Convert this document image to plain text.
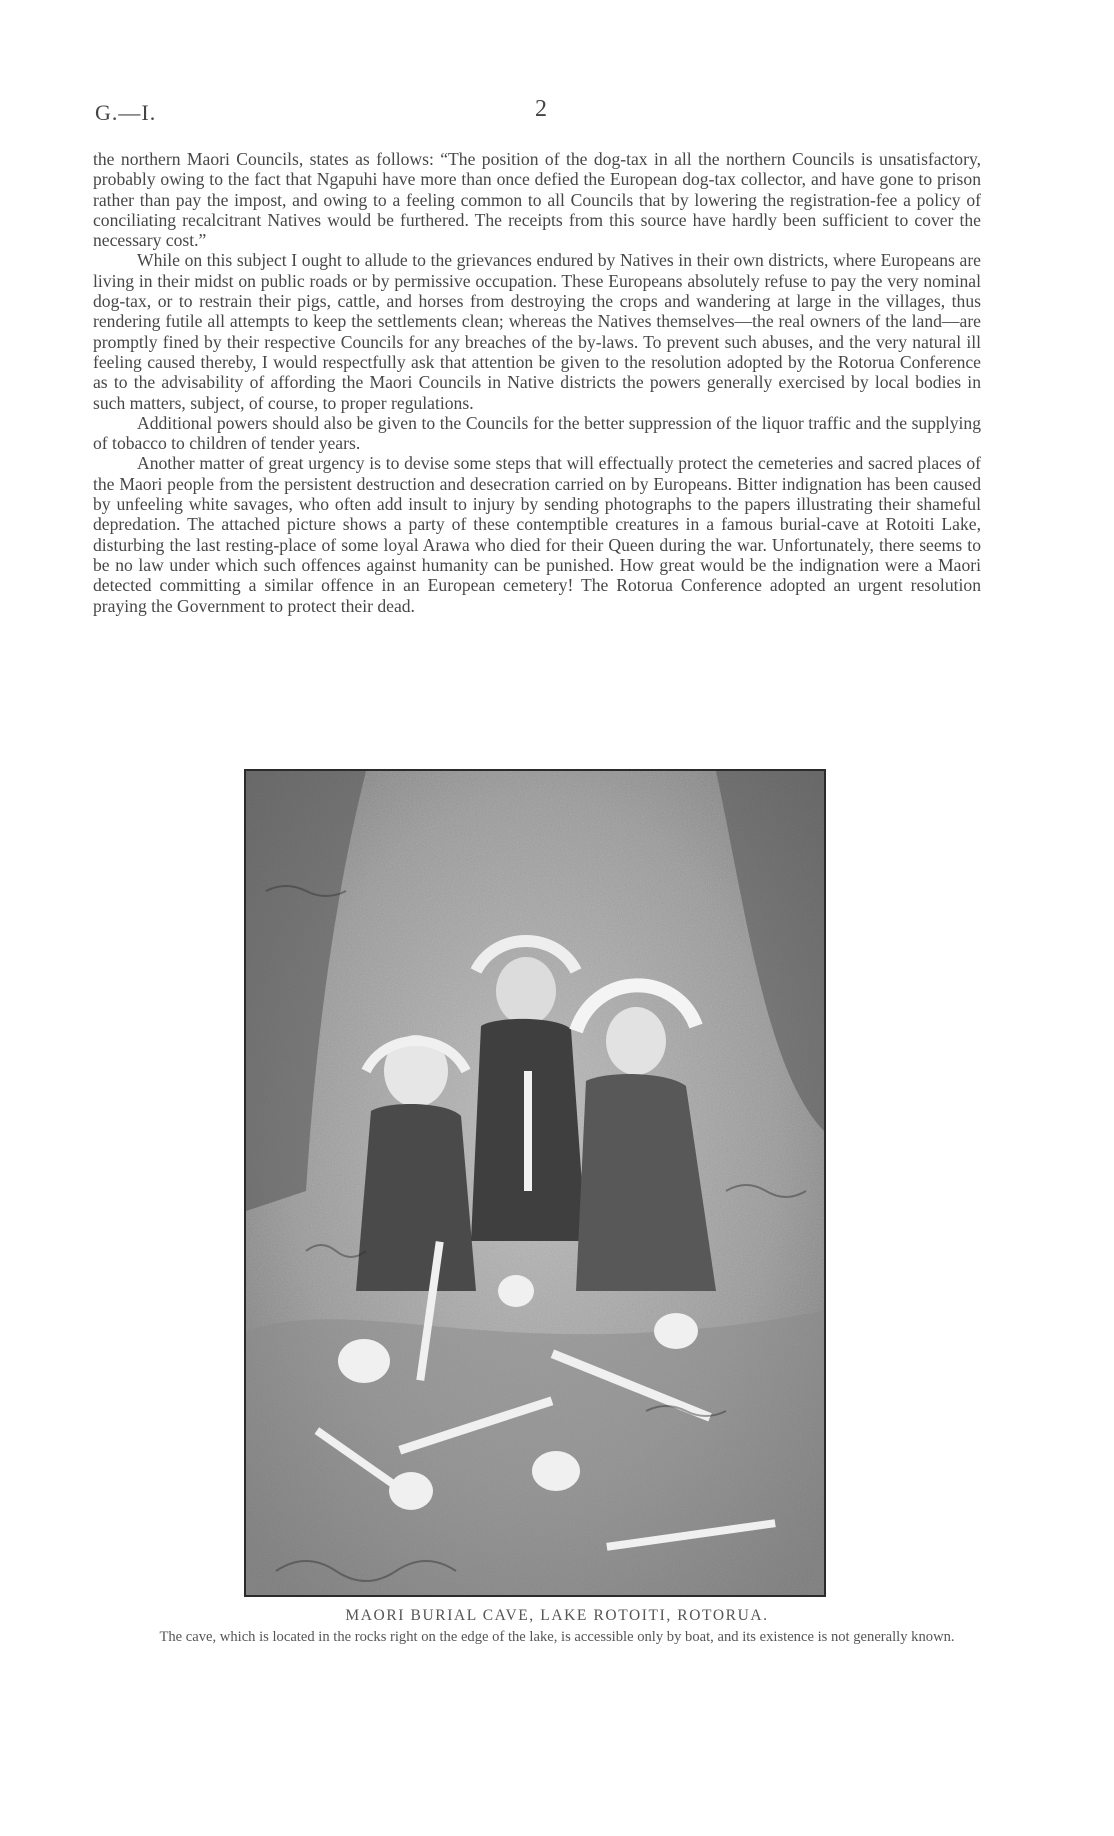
G.—I.	2

the northern Maori Councils, states as follows: “The position of the dog-tax in all the northern Councils is unsatisfactory, probably owing to the fact that Ngapuhi have more than once defied the European dog-tax collector, and have gone to prison rather than pay the impost, and owing to a feeling common to all Councils that by lowering the registration-fee a policy of conciliating recalcitrant Natives would be furthered. The receipts from this source have hardly been sufficient to cover the necessary cost.”

While on this subject I ought to allude to the grievances endured by Natives in their own districts, where Europeans are living in their midst on public roads or by permissive occupation. These Europeans absolutely refuse to pay the very nominal dog-tax, or to restrain their pigs, cattle, and horses from destroying the crops and wandering at large in the villages, thus rendering futile all attempts to keep the settlements clean; whereas the Natives themselves—the real owners of the land—are promptly fined by their respective Councils for any breaches of the by-laws. To prevent such abuses, and the very natural ill feeling caused thereby, I would respectfully ask that attention be given to the resolution adopted by the Rotorua Conference as to the advisability of affording the Maori Councils in Native districts the powers generally exercised by local bodies in such matters, subject, of course, to proper regulations.

Additional powers should also be given to the Councils for the better suppression of the liquor traffic and the supplying of tobacco to children of tender years.

Another matter of great urgency is to devise some steps that will effectually protect the cemeteries and sacred places of the Maori people from the persistent destruction and desecration carried on by Europeans. Bitter indignation has been caused by unfeeling white savages, who often add insult to injury by sending photographs to the papers illustrating their shameful depredation. The attached picture shows a party of these contemptible creatures in a famous burial-cave at Rotoiti Lake, disturbing the last resting-place of some loyal Arawa who died for their Queen during the war. Unfortunately, there seems to be no law under which such offences against humanity can be punished. How great would be the indignation were a Maori detected committing a similar offence in an European cemetery! The Rotorua Conference adopted an urgent resolution praying the Government to protect their dead.

MAORI BURIAL CAVE, LAKE ROTOITI, ROTORUA.
The cave, which is located in the rocks right on the edge of the lake, is accessible only by boat, and its existence is not generally known.
